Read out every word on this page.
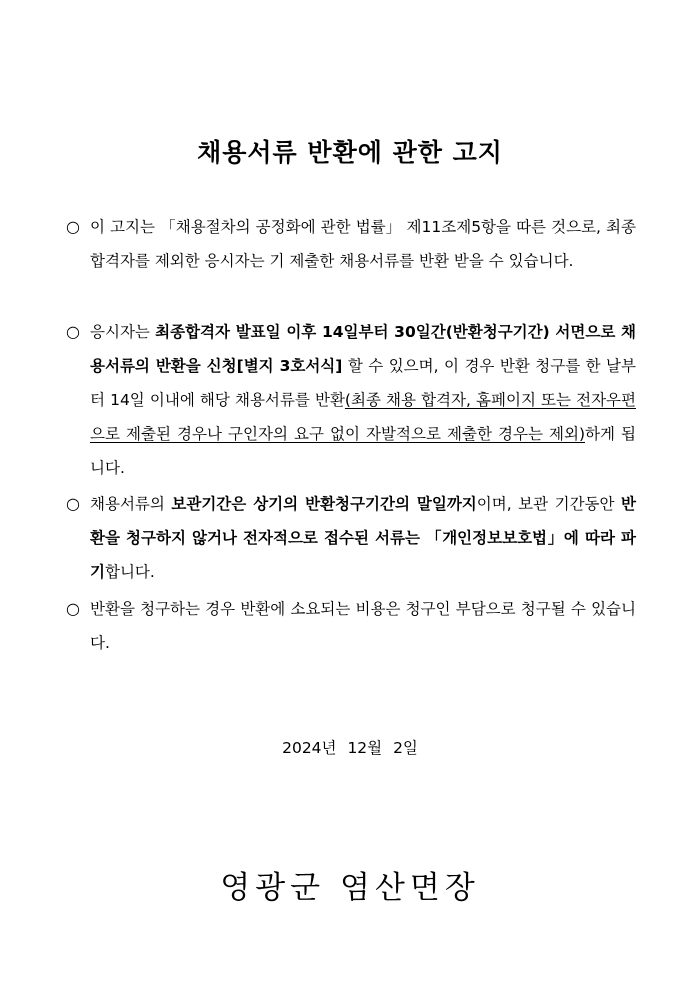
채용서류 반환에 관한 고지
○ 이 고지는 「채용절차의 공정화에 관한 법률」 제11조제5항을 따른 것으로, 최종합격자를 제외한 응시자는 기 제출한 채용서류를 반환 받을 수 있습니다.
○ 응시자는 최종합격자 발표일 이후 14일부터 30일간(반환청구기간) 서면으로 채용서류의 반환을 신청[별지 3호서식] 할 수 있으며, 이 경우 반환 청구를 한 날부터 14일 이내에 해당 채용서류를 반환(최종 채용 합격자, 홈페이지 또는 전자우편으로 제출된 경우나 구인자의 요구 없이 자발적으로 제출한 경우는 제외)하게 됩니다.
○ 채용서류의 보관기간은 상기의 반환청구기간의 말일까지이며, 보관 기간동안 반환을 청구하지 않거나 전자적으로 접수된 서류는 「개인정보보호법」에 따라 파기합니다.
○ 반환을 청구하는 경우 반환에 소요되는 비용은 청구인 부담으로 청구될 수 있습니다.
2024년 12월 2일
영광군 염산면장
